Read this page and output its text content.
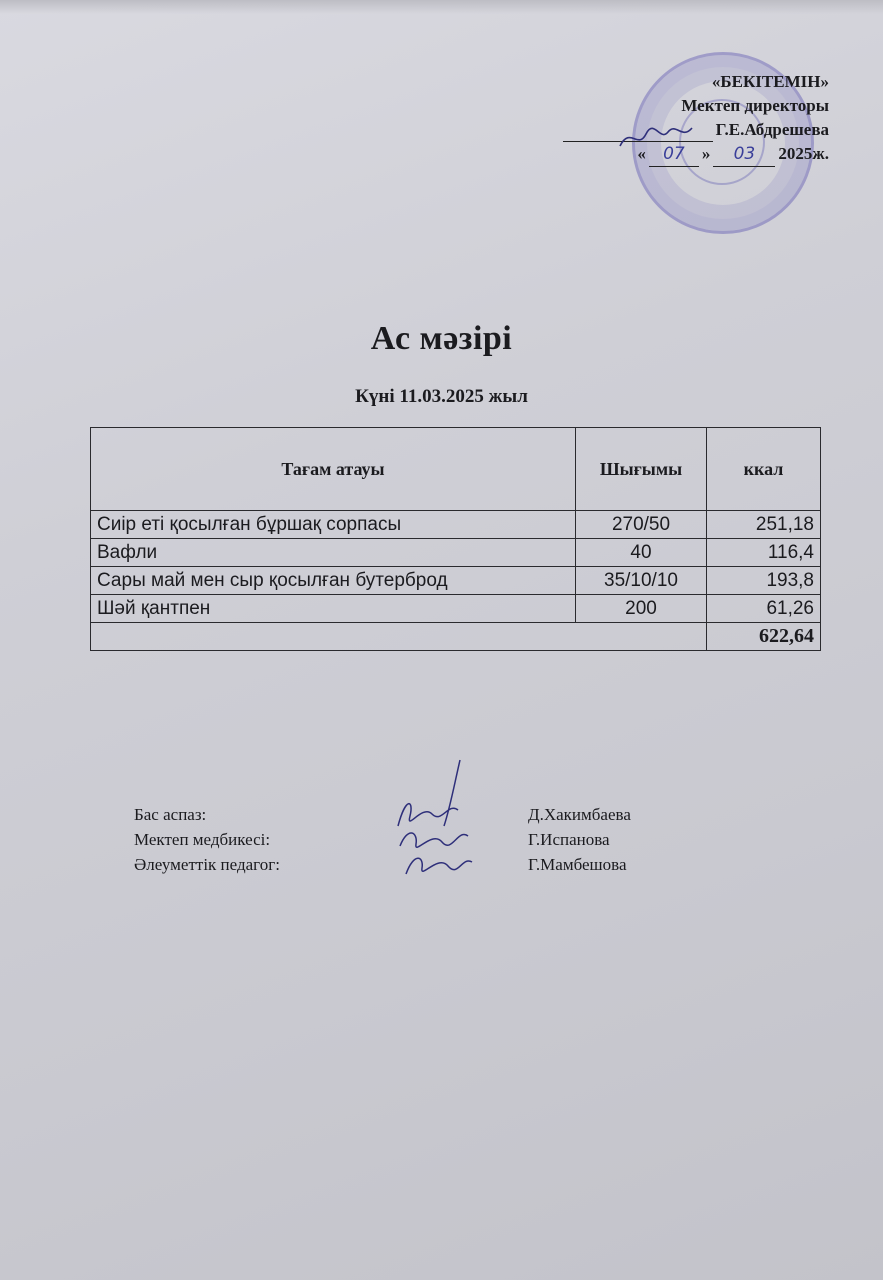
«БЕКІТЕМІН»
Мектеп директоры
Г.Е.Абдрешева
« 07 » 03 2025ж.
Ас мәзірі
Күні 11.03.2025 жыл
Тағам атауы	Шығымы	ккал
Сиір еті қосылған бұршақ сорпасы	270/50	251,18
Вафли	40	116,4
Сары май мен сыр қосылған бутерброд	35/10/10	193,8
Шәй қантпен	200	61,26
		622,64
Бас аспаз:	Д.Хакимбаева
Мектеп медбикесі:	Г.Испанова
Әлеуметтік педагог:	Г.Мамбешова
